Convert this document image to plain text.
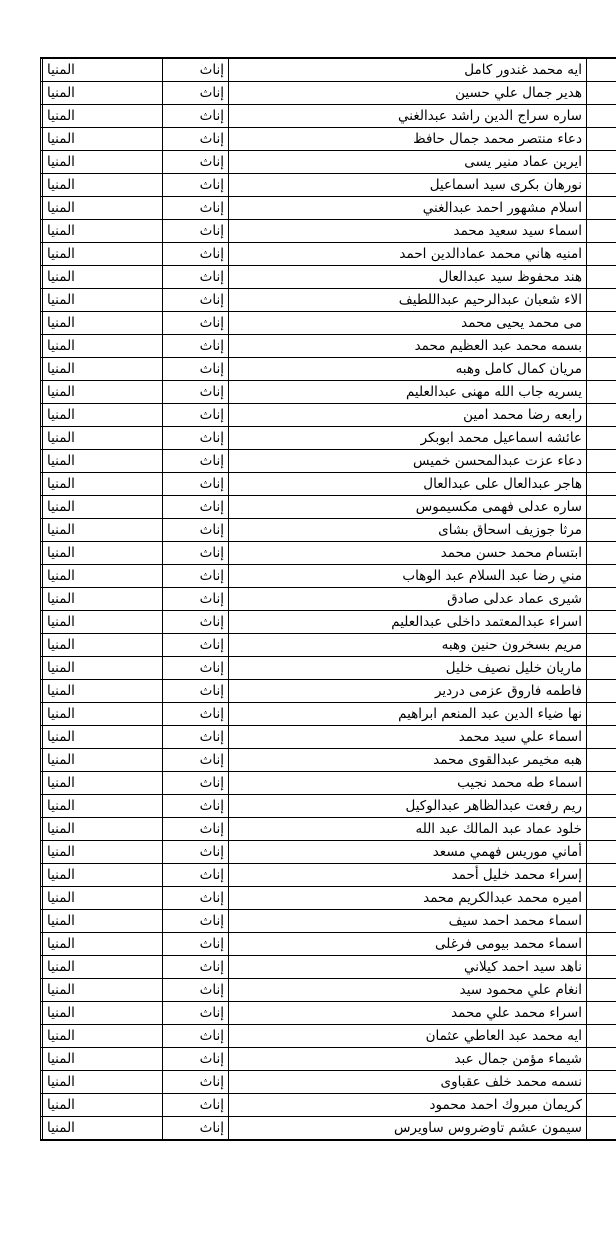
	المنيا	إناث	ايه محمد غندور كامل	
	المنيا	إناث	هدير جمال علي حسين	
	المنيا	إناث	ساره سراج الدين راشد عبدالغني	
	المنيا	إناث	دعاء منتصر محمد جمال حافظ	
	المنيا	إناث	ايرين عماد منير يسى	
	المنيا	إناث	نورهان بكرى سيد اسماعيل	
	المنيا	إناث	اسلام مشهور احمد عبدالغني	
	المنيا	إناث	اسماء سيد سعيد محمد	
	المنيا	إناث	امنيه هاني محمد عمادالدين احمد	
	المنيا	إناث	هند محفوظ سيد عبدالعال	
	المنيا	إناث	الاء شعبان عبدالرحيم عبداللطيف	
	المنيا	إناث	مى محمد يحيى محمد	
	المنيا	إناث	بسمه محمد عبد العظيم محمد	
	المنيا	إناث	مريان كمال كامل وهبه	
	المنيا	إناث	يسريه جاب الله مهنى عبدالعليم	
	المنيا	إناث	رابعه رضا محمد امين	
	المنيا	إناث	عائشه اسماعيل محمد ابوبكر	
	المنيا	إناث	دعاء عزت عبدالمحسن خميس	
	المنيا	إناث	هاجر عبدالعال على عبدالعال	
	المنيا	إناث	ساره عدلى فهمى مكسيموس	
	المنيا	إناث	مرثا جوزيف اسحاق بشاى	
	المنيا	إناث	ابتسام محمد حسن محمد	
	المنيا	إناث	مني رضا عبد السلام عبد الوهاب	
	المنيا	إناث	شيرى عماد عدلى صادق	
	المنيا	إناث	اسراء عبدالمعتمد داخلى عبدالعليم	
	المنيا	إناث	مريم بسخرون حنين وهبه	
	المنيا	إناث	ماريان خليل نصيف خليل	
	المنيا	إناث	فاطمه فاروق عزمى دردير	
	المنيا	إناث	نها ضياء الدين عبد المنعم ابراهيم	
	المنيا	إناث	اسماء علي سيد محمد	
	المنيا	إناث	هبه مخيمر عبدالقوى محمد	
	المنيا	إناث	اسماء طه محمد نجيب	
	المنيا	إناث	ريم رفعت عبدالظاهر عبدالوكيل	
	المنيا	إناث	خلود عماد عبد المالك عبد الله	
	المنيا	إناث	أماني موريس فهمي مسعد	
	المنيا	إناث	إسراء محمد خليل أحمد	
	المنيا	إناث	اميره محمد عبدالكريم محمد	
	المنيا	إناث	اسماء محمد احمد سيف	
	المنيا	إناث	اسماء محمد بيومى فرغلى	
	المنيا	إناث	ناهد سيد احمد كيلاني	
	المنيا	إناث	انغام علي محمود سيد	
	المنيا	إناث	اسراء محمد علي محمد	
	المنيا	إناث	ايه محمد عبد العاطي عثمان	
	المنيا	إناث	شيماء مؤمن جمال عبد	
	المنيا	إناث	نسمه محمد خلف عقباوى	
	المنيا	إناث	كريمان مبروك احمد محمود	
	المنيا	إناث	سيمون عشم تاوضروس ساويرس	
